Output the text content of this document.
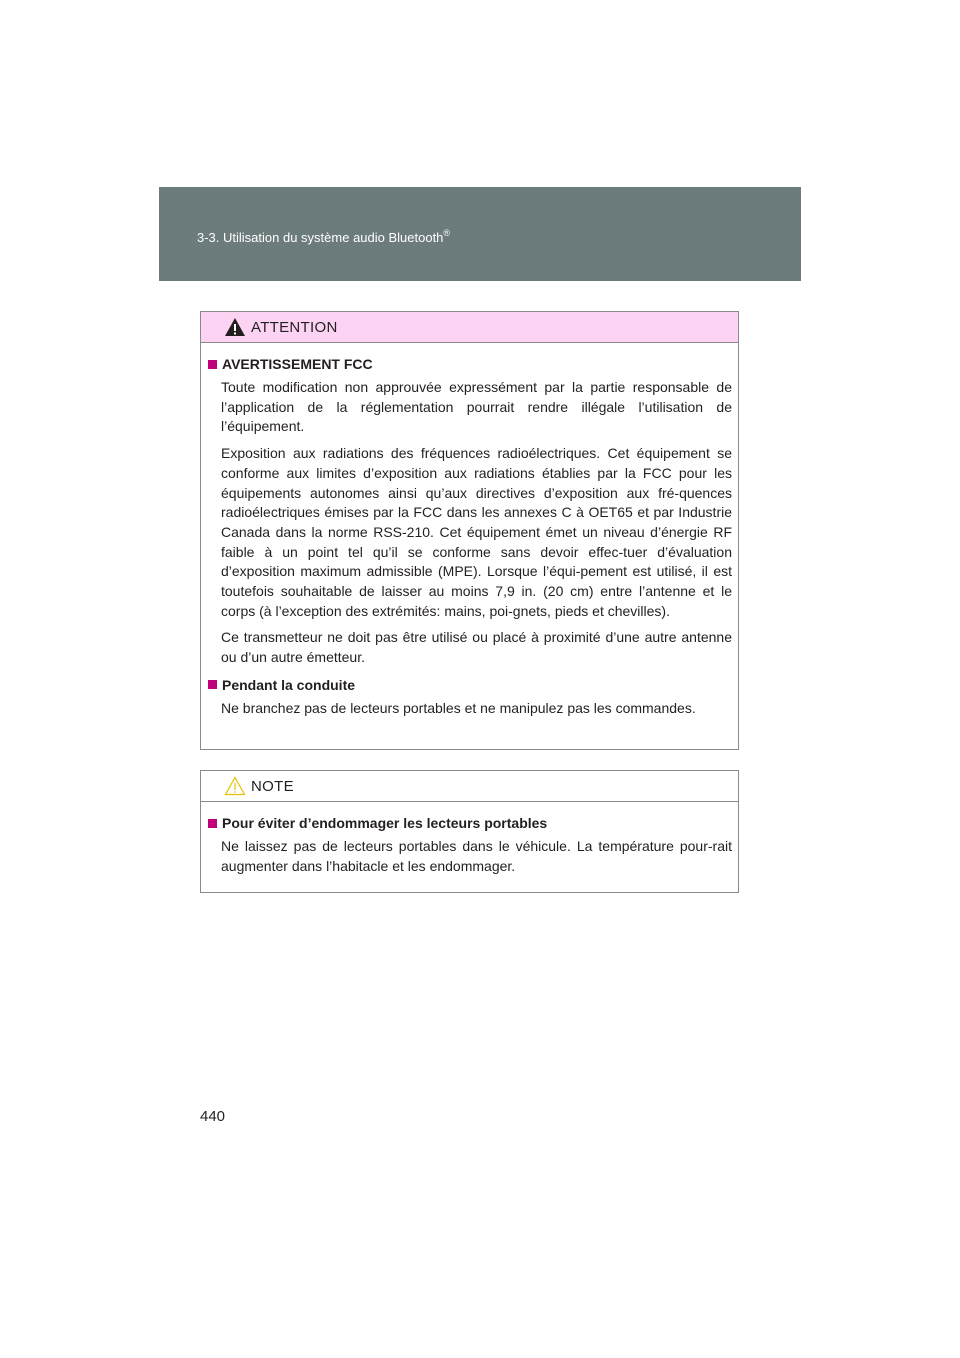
3-3. Utilisation du système audio Bluetooth®
ATTENTION
AVERTISSEMENT FCC

Toute modification non approuvée expressément par la partie responsable de l’application de la réglementation pourrait rendre illégale l’utilisation de l’équipement.

Exposition aux radiations des fréquences radioélectriques. Cet équipement se conforme aux limites d’exposition aux radiations établies par la FCC pour les équipements autonomes ainsi qu’aux directives d’exposition aux fré-quences radioélectriques émises par la FCC dans les annexes C à OET65 et par Industrie Canada dans la norme RSS-210. Cet équipement émet un niveau d’énergie RF faible à un point tel qu’il se conforme sans devoir effec-tuer d’évaluation d’exposition maximum admissible (MPE). Lorsque l’équi-pement est utilisé, il est toutefois souhaitable de laisser au moins 7,9 in. (20 cm) entre l’antenne et le corps (à l’exception des extrémités: mains, poi-gnets, pieds et chevilles).

Ce transmetteur ne doit pas être utilisé ou placé à proximité d’une autre antenne ou d’un autre émetteur.

Pendant la conduite

Ne branchez pas de lecteurs portables et ne manipulez pas les commandes.

NOTE
Pour éviter d’endommager les lecteurs portables

Ne laissez pas de lecteurs portables dans le véhicule. La température pour-rait augmenter dans l’habitacle et les endommager.

440
